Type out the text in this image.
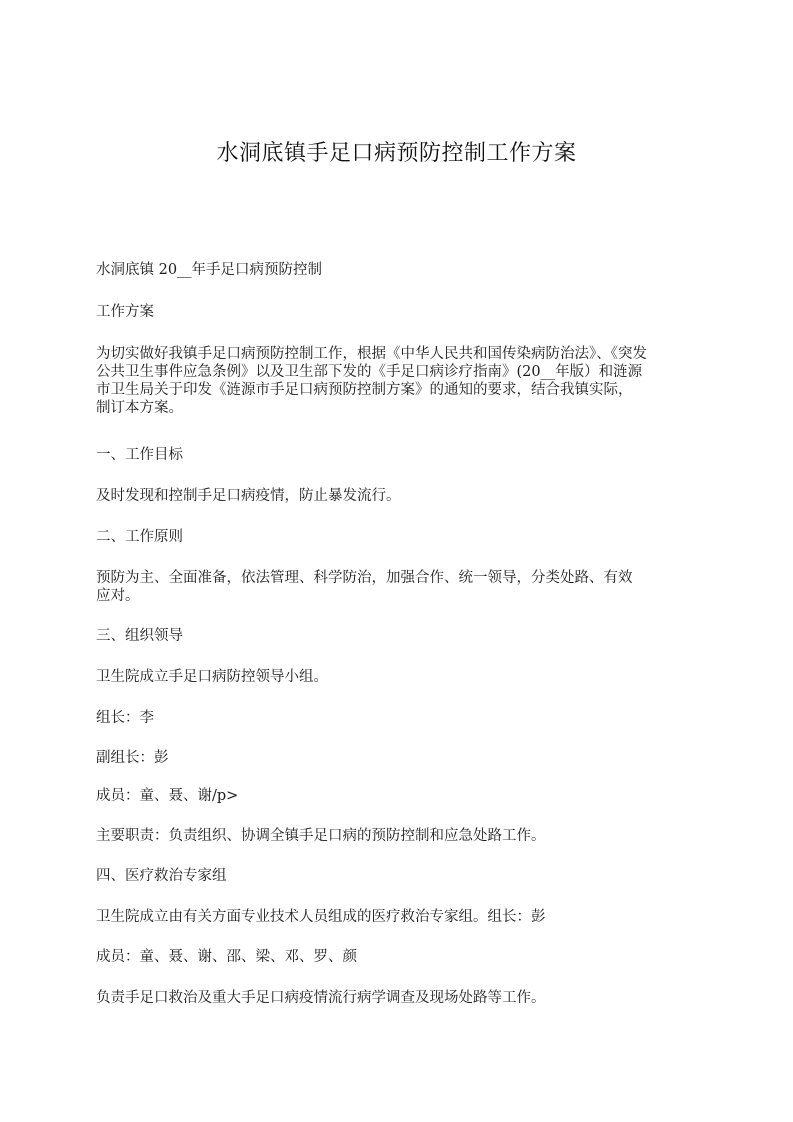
水洞底镇手足口病预防控制工作方案

水洞底镇 20__年手足口病预防控制

工作方案

为切实做好我镇手足口病预防控制工作，根据《中华人民共和国传染病防治法》、《突发
公共卫生事件应急条例》以及卫生部下发的《手足口病诊疗指南》(20__年版）和涟源
市卫生局关于印发《涟源市手足口病预防控制方案》的通知的要求，结合我镇实际，
制订本方案。

一、工作目标

及时发现和控制手足口病疫情，防止暴发流行。

二、工作原则

预防为主、全面准备，依法管理、科学防治，加强合作、统一领导，分类处路、有效
应对。

三、组织领导

卫生院成立手足口病防控领导小组。

组长：李

副组长：彭

成员：童、聂、谢/p>

主要职责：负责组织、协调全镇手足口病的预防控制和应急处路工作。

四、医疗救治专家组

卫生院成立由有关方面专业技术人员组成的医疗救治专家组。组长：彭

成员：童、聂、谢、邵、梁、邓、罗、颜

负责手足口救治及重大手足口病疫情流行病学调查及现场处路等工作。
